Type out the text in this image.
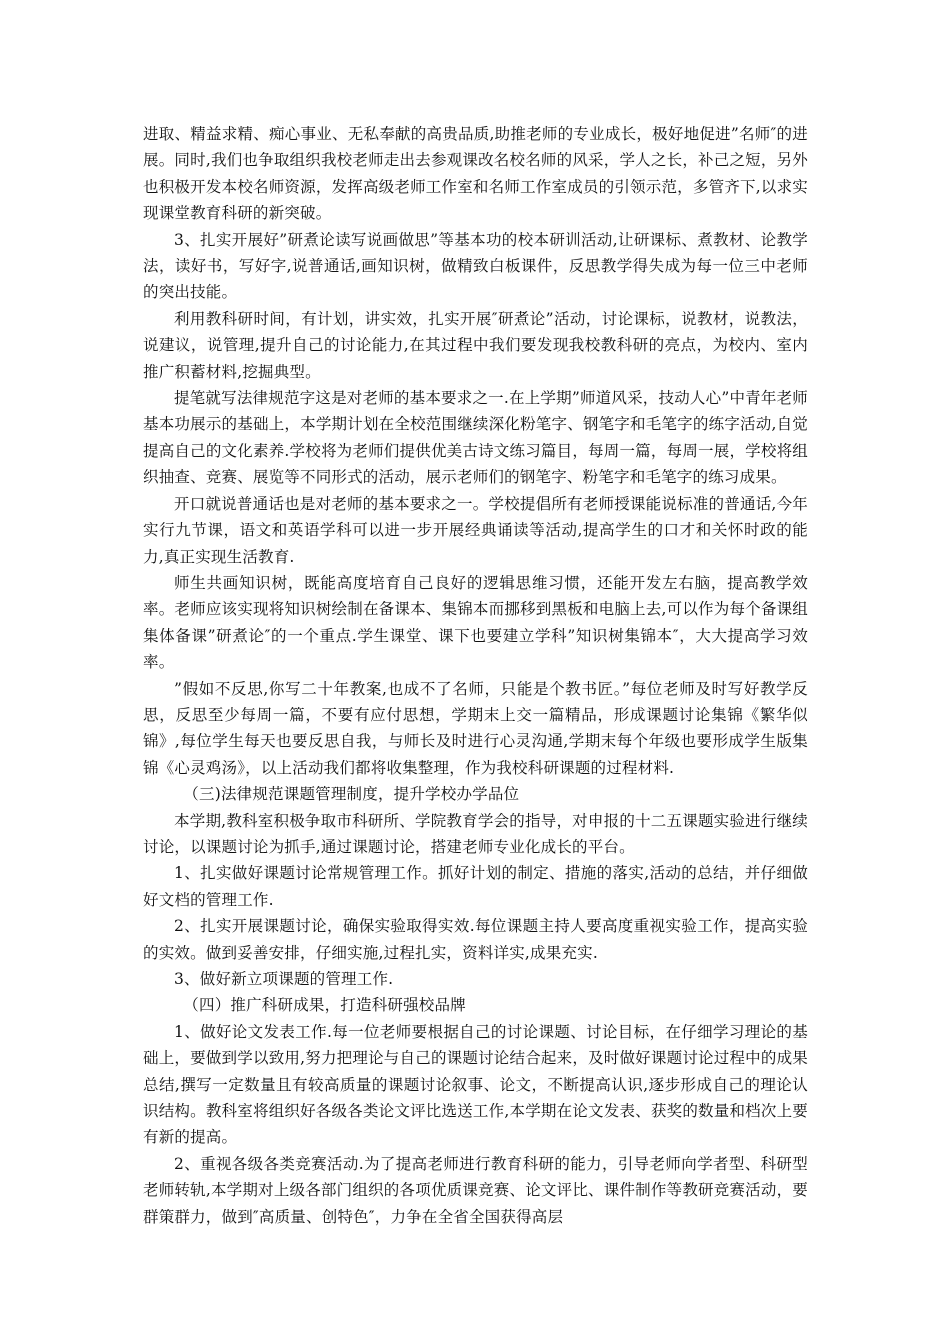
进取、精益求精、痴心事业、无私奉献的高贵品质,助推老师的专业成长，极好地促进”名师″的进展。同时,我们也争取组织我校老师走出去参观课改名校名师的风采，学人之长，补己之短，另外也积极开发本校名师资源，发挥高级老师工作室和名师工作室成员的引领示范，多管齐下,以求实现课堂教育科研的新突破。

3、扎实开展好”研煮论读写说画做思”等基本功的校本研训活动,让研课标、煮教材、论教学法，读好书，写好字,说普通话,画知识树，做精致白板课件，反思教学得失成为每一位三中老师的突出技能。

利用教科研时间，有计划，讲实效，扎实开展″研煮论”活动，讨论课标，说教材，说教法，说建议，说管理,提升自己的讨论能力,在其过程中我们要发现我校教科研的亮点，为校内、室内推广积蓄材料,挖掘典型。

提笔就写法律规范字这是对老师的基本要求之一.在上学期”师道风采，技动人心”中青年老师基本功展示的基础上，本学期计划在全校范围继续深化粉笔字、钢笔字和毛笔字的练字活动,自觉提高自己的文化素养.学校将为老师们提供优美古诗文练习篇目，每周一篇，每周一展，学校将组织抽查、竞赛、展览等不同形式的活动，展示老师们的钢笔字、粉笔字和毛笔字的练习成果。

开口就说普通话也是对老师的基本要求之一。学校提倡所有老师授课能说标准的普通话,今年实行九节课，语文和英语学科可以进一步开展经典诵读等活动,提高学生的口才和关怀时政的能力,真正实现生活教育.

师生共画知识树，既能高度培育自己良好的逻辑思维习惯，还能开发左右脑，提高教学效率。老师应该实现将知识树绘制在备课本、集锦本而挪移到黑板和电脑上去,可以作为每个备课组集体备课”研煮论″的一个重点.学生课堂、课下也要建立学科”知识树集锦本″，大大提高学习效率。

”假如不反思,你写二十年教案,也成不了名师，只能是个教书匠。”每位老师及时写好教学反思，反思至少每周一篇，不要有应付思想，学期末上交一篇精品，形成课题讨论集锦《繁华似锦》,每位学生每天也要反思自我，与师长及时进行心灵沟通,学期末每个年级也要形成学生版集锦《心灵鸡汤》，以上活动我们都将收集整理，作为我校科研课题的过程材料.

（三)法律规范课题管理制度，提升学校办学品位

本学期,教科室积极争取市科研所、学院教育学会的指导，对申报的十二五课题实验进行继续讨论，以课题讨论为抓手,通过课题讨论，搭建老师专业化成长的平台。

1、扎实做好课题讨论常规管理工作。抓好计划的制定、措施的落实,活动的总结，并仔细做好文档的管理工作.

2、扎实开展课题讨论，确保实验取得实效.每位课题主持人要高度重视实验工作，提高实验的实效。做到妥善安排，仔细实施,过程扎实，资料详实,成果充实.

3、做好新立项课题的管理工作.

（四）推广科研成果，打造科研强校品牌

1、做好论文发表工作.每一位老师要根据自己的讨论课题、讨论目标，在仔细学习理论的基础上，要做到学以致用,努力把理论与自己的课题讨论结合起来，及时做好课题讨论过程中的成果总结,撰写一定数量且有较高质量的课题讨论叙事、论文，不断提高认识,逐步形成自己的理论认识结构。教科室将组织好各级各类论文评比选送工作,本学期在论文发表、获奖的数量和档次上要有新的提高。

2、重视各级各类竞赛活动.为了提高老师进行教育科研的能力，引导老师向学者型、科研型老师转轨,本学期对上级各部门组织的各项优质课竞赛、论文评比、课件制作等教研竞赛活动，要群策群力，做到″高质量、创特色″，力争在全省全国获得高层
